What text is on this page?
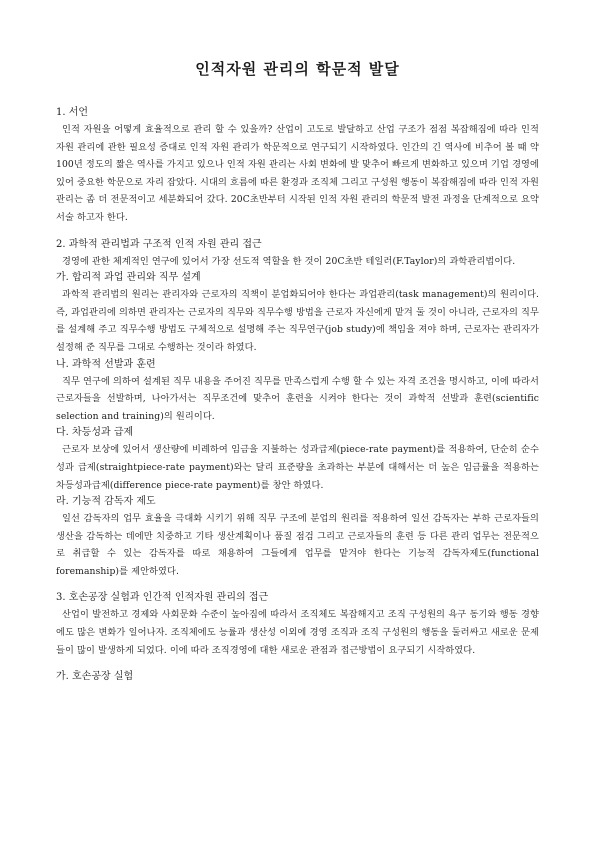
인적자원 관리의 학문적 발달

1. 서언

인적 자원을 어떻게 효율적으로 관리 할 수 있을까? 산업이 고도로 발달하고 산업 구조가 점점 복잡해짐에 따라 인적 자원 관리에 관한 필요성 증대로 인적 자원 관리가 학문적으로 연구되기 시작하였다. 인간의 긴 역사에 비추어 볼 때 약 100년 정도의 짧은 역사를 가지고 있으나 인적 자원 관리는 사회 변화에 발 맞추어 빠르게 변화하고 있으며 기업 경영에 있어 중요한 학문으로 자리 잡았다. 시대의 흐름에 따른 환경과 조직체 그리고 구성원 행동이 복잡해짐에 따라 인적 자원 관리는 좀 더 전문적이고 세분화되어 갔다. 20C초반부터 시작된 인적 자원 관리의 학문적 발전 과정을 단계적으로 요약 서술 하고자 한다.

2. 과학적 관리법과 구조적 인적 자원 관리 접근

경영에 관한 체계적인 연구에 있어서 가장 선도적 역할을 한 것이 20C초반 테일러(F.Taylor)의 과학관리법이다.

가. 합리적 과업 관리와 직무 설계

과학적 관리법의 원리는 관리자와 근로자의 직책이 분업화되어야 한다는 과업관리(task management)의 원리이다. 즉, 과업관리에 의하면 관리자는 근로자의 직무와 직무수행 방법을 근로자 자신에게 맡겨 둘 것이 아니라, 근로자의 직무를 설계해 주고 직무수행 방법도 구체적으로 설명해 주는 직무연구(job study)에 책임을 져야 하며, 근로자는 관리자가 설정해 준 직무를 그대로 수행하는 것이라 하였다.

나. 과학적 선발과 훈련

직무 연구에 의하여 설계된 직무 내용을 주어진 직무를 만족스럽게 수행 할 수 있는 자격 조건을 명시하고, 이에 따라서 근로자들을 선발하며, 나아가서는 직무조건에 맞추어 훈련을 시켜야 한다는 것이 과학적 선발과 훈련(scientific selection and training)의 원리이다.

다. 차등성과 급제

근로자 보상에 있어서 생산량에 비례하여 임금을 지불하는 성과급제(piece-rate payment)를 적용하여, 단순히 순수성과 급제(straightpiece-rate payment)와는 달리 표준량을 초과하는 부분에 대해서는 더 높은 임금률을 적용하는 차등성과급제(difference piece-rate payment)를 창안 하였다.

라. 기능적 감독자 제도

일선 감독자의 업무 효율을 극대화 시키기 위해 직무 구조에 분업의 원리를 적용하여 일선 감독자는 부하 근로자들의 생산을 감독하는 데에만 치중하고 기타 생산계획이나 품질 점검 그리고 근로자들의 훈련 등 다른 관리 업무는 전문적으로 취급할 수 있는 감독자를 따로 채용하여 그들에게 업무를 맡겨야 한다는 기능적 감독자제도(functional foremanship)를 제안하였다.

3. 호손공장 실험과 인간적 인적자원 관리의 접근

산업이 발전하고 경제와 사회문화 수준이 높아짐에 따라서 조직체도 복잡해지고 조직 구성원의 욕구 동기와 행동 경향에도 많은 변화가 일어나자. 조직체에도 능률과 생산성 이외에 경영 조직과 조직 구성원의 행동을 둘러싸고 새로운 문제들이 많이 발생하게 되었다. 이에 따라 조직경영에 대한 새로운 관점과 접근방법이 요구되기 시작하였다.

가. 호손공장 실험
